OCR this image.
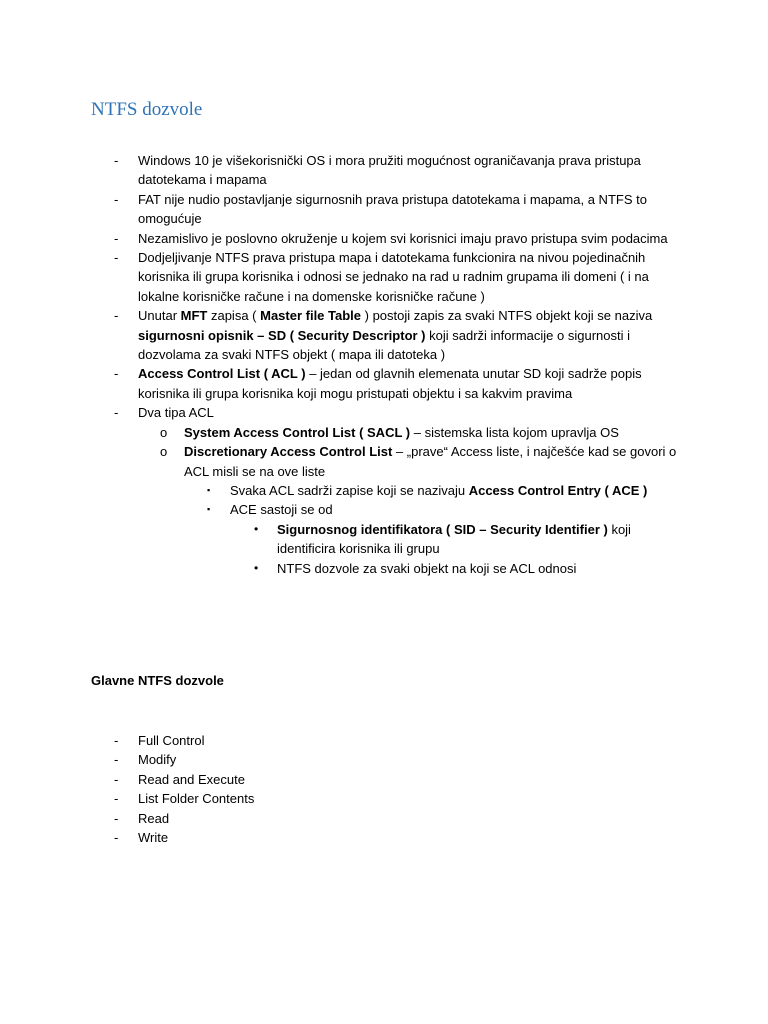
NTFS dozvole
- Windows 10 je višekorisnički OS i mora pružiti mogućnost ograničavanja prava pristupa datotekama i mapama
- FAT nije nudio postavljanje sigurnosnih prava pristupa datotekama i mapama, a NTFS to omogućuje
- Nezamislivo je poslovno okruženje u kojem svi korisnici imaju pravo pristupa svim podacima
- Dodjeljivanje NTFS prava pristupa mapa i datotekama funkcionira na nivou pojedinačnih korisnika ili grupa korisnika i odnosi se jednako na rad u radnim grupama ili domeni ( i na lokalne korisničke račune i na domenske korisničke račune )
- Unutar MFT zapisa ( Master file Table ) postoji zapis za svaki NTFS objekt koji se naziva sigurnosni opisnik – SD ( Security Descriptor ) koji sadrži informacije o sigurnosti i dozvolama za svaki NTFS objekt ( mapa ili datoteka )
- Access Control List ( ACL ) – jedan od glavnih elemenata unutar SD koji sadrže popis korisnika ili grupa korisnika koji mogu pristupati objektu i sa kakvim pravima
- Dva tipa ACL
o System Access Control List ( SACL ) – sistemska lista kojom upravlja OS
o Discretionary Access Control List – „prave“ Access liste, i najčešće kad se govori o ACL misli se na ove liste
▪ Svaka ACL sadrži zapise koji se nazivaju Access Control Entry ( ACE )
▪ ACE sastoji se od
• Sigurnosnog identifikatora ( SID – Security Identifier ) koji identificira korisnika ili grupu
• NTFS dozvole za svaki objekt na koji se ACL odnosi

Glavne NTFS dozvole

- Full Control
- Modify
- Read and Execute
- List Folder Contents
- Read
- Write
